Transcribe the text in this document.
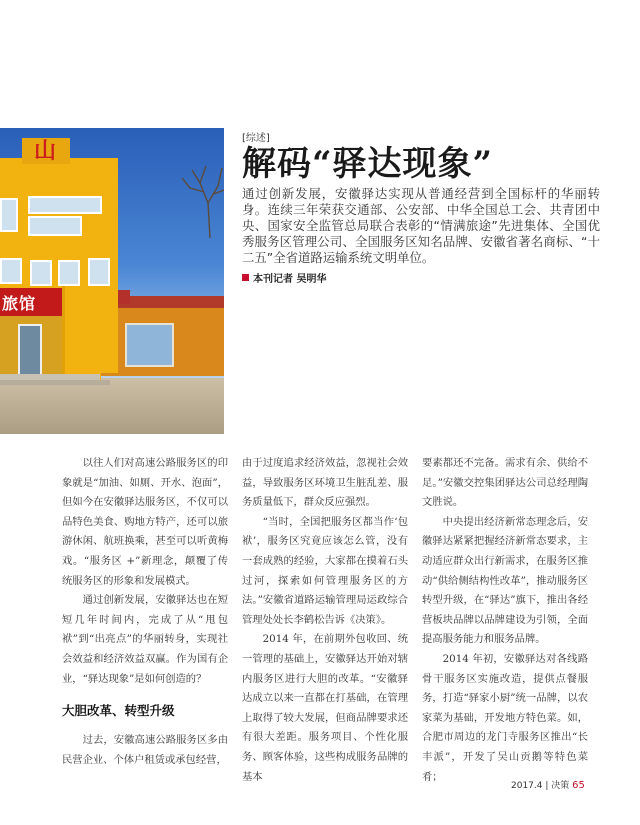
山
旅馆
[综述]
解码“驿达现象”

通过创新发展，安徽驿达实现从普通经营到全国标杆的华丽转身。连续三年荣获交通部、公安部、中华全国总工会、共青团中央、国家安全监管总局联合表彰的“情满旅途”先进集体、全国优秀服务区管理公司、全国服务区知名品牌、安徽省著名商标、“十二五”全省道路运输系统文明单位。

本刊记者 吴明华

以往人们对高速公路服务区的印象就是“加油、如厕、开水、泡面”，但如今在安徽驿达服务区，不仅可以品特色美食、购地方特产，还可以旅游休闲、航班换乘，甚至可以听黄梅戏。“服务区 +”新理念，颠覆了传统服务区的形象和发展模式。

通过创新发展，安徽驿达也在短短几年时间内，完成了从“甩包袱”到“出亮点”的华丽转身，实现社会效益和经济效益双赢。作为国有企业，“驿达现象”是如何创造的？

大胆改革、转型升级

过去，安徽高速公路服务区多由民营企业、个体户租赁或承包经营，

由于过度追求经济效益，忽视社会效益，导致服务区环境卫生脏乱差、服务质量低下，群众反应强烈。

“当时，全国把服务区都当作‘包袱’，服务区究竟应该怎么管，没有一套成熟的经验，大家都在摸着石头过河，探索如何管理服务区的方法。”安徽省道路运输管理局运政综合管理处处长李鹤松告诉《决策》。

2014 年，在前期外包收回、统一管理的基础上，安徽驿达开始对辖内服务区进行大胆的改革。“安徽驿达成立以来一直都在打基础，在管理上取得了较大发展，但商品牌要求还有很大差距。服务项目、个性化服务、顾客体验，这些构成服务品牌的基本

要素都还不完备。需求有余、供给不足。”安徽交控集团驿达公司总经理陶文胜说。

中央提出经济新常态理念后，安徽驿达紧紧把握经济新常态要求，主动适应群众出行新需求，在服务区推动“供给侧结构性改革”，推动服务区转型升级，在“驿达”旗下，推出各经营板块品牌以品牌建设为引领，全面提高服务能力和服务品牌。

2014 年初，安徽驿达对各线路骨干服务区实施改造，提供点餐服务，打造“驿家小厨”统一品牌，以农家菜为基础，开发地方特色菜。如，合肥市周边的龙门寺服务区推出“长丰派”，开发了吴山贡鹅等特色菜肴；

2017.4 | 决策 65
